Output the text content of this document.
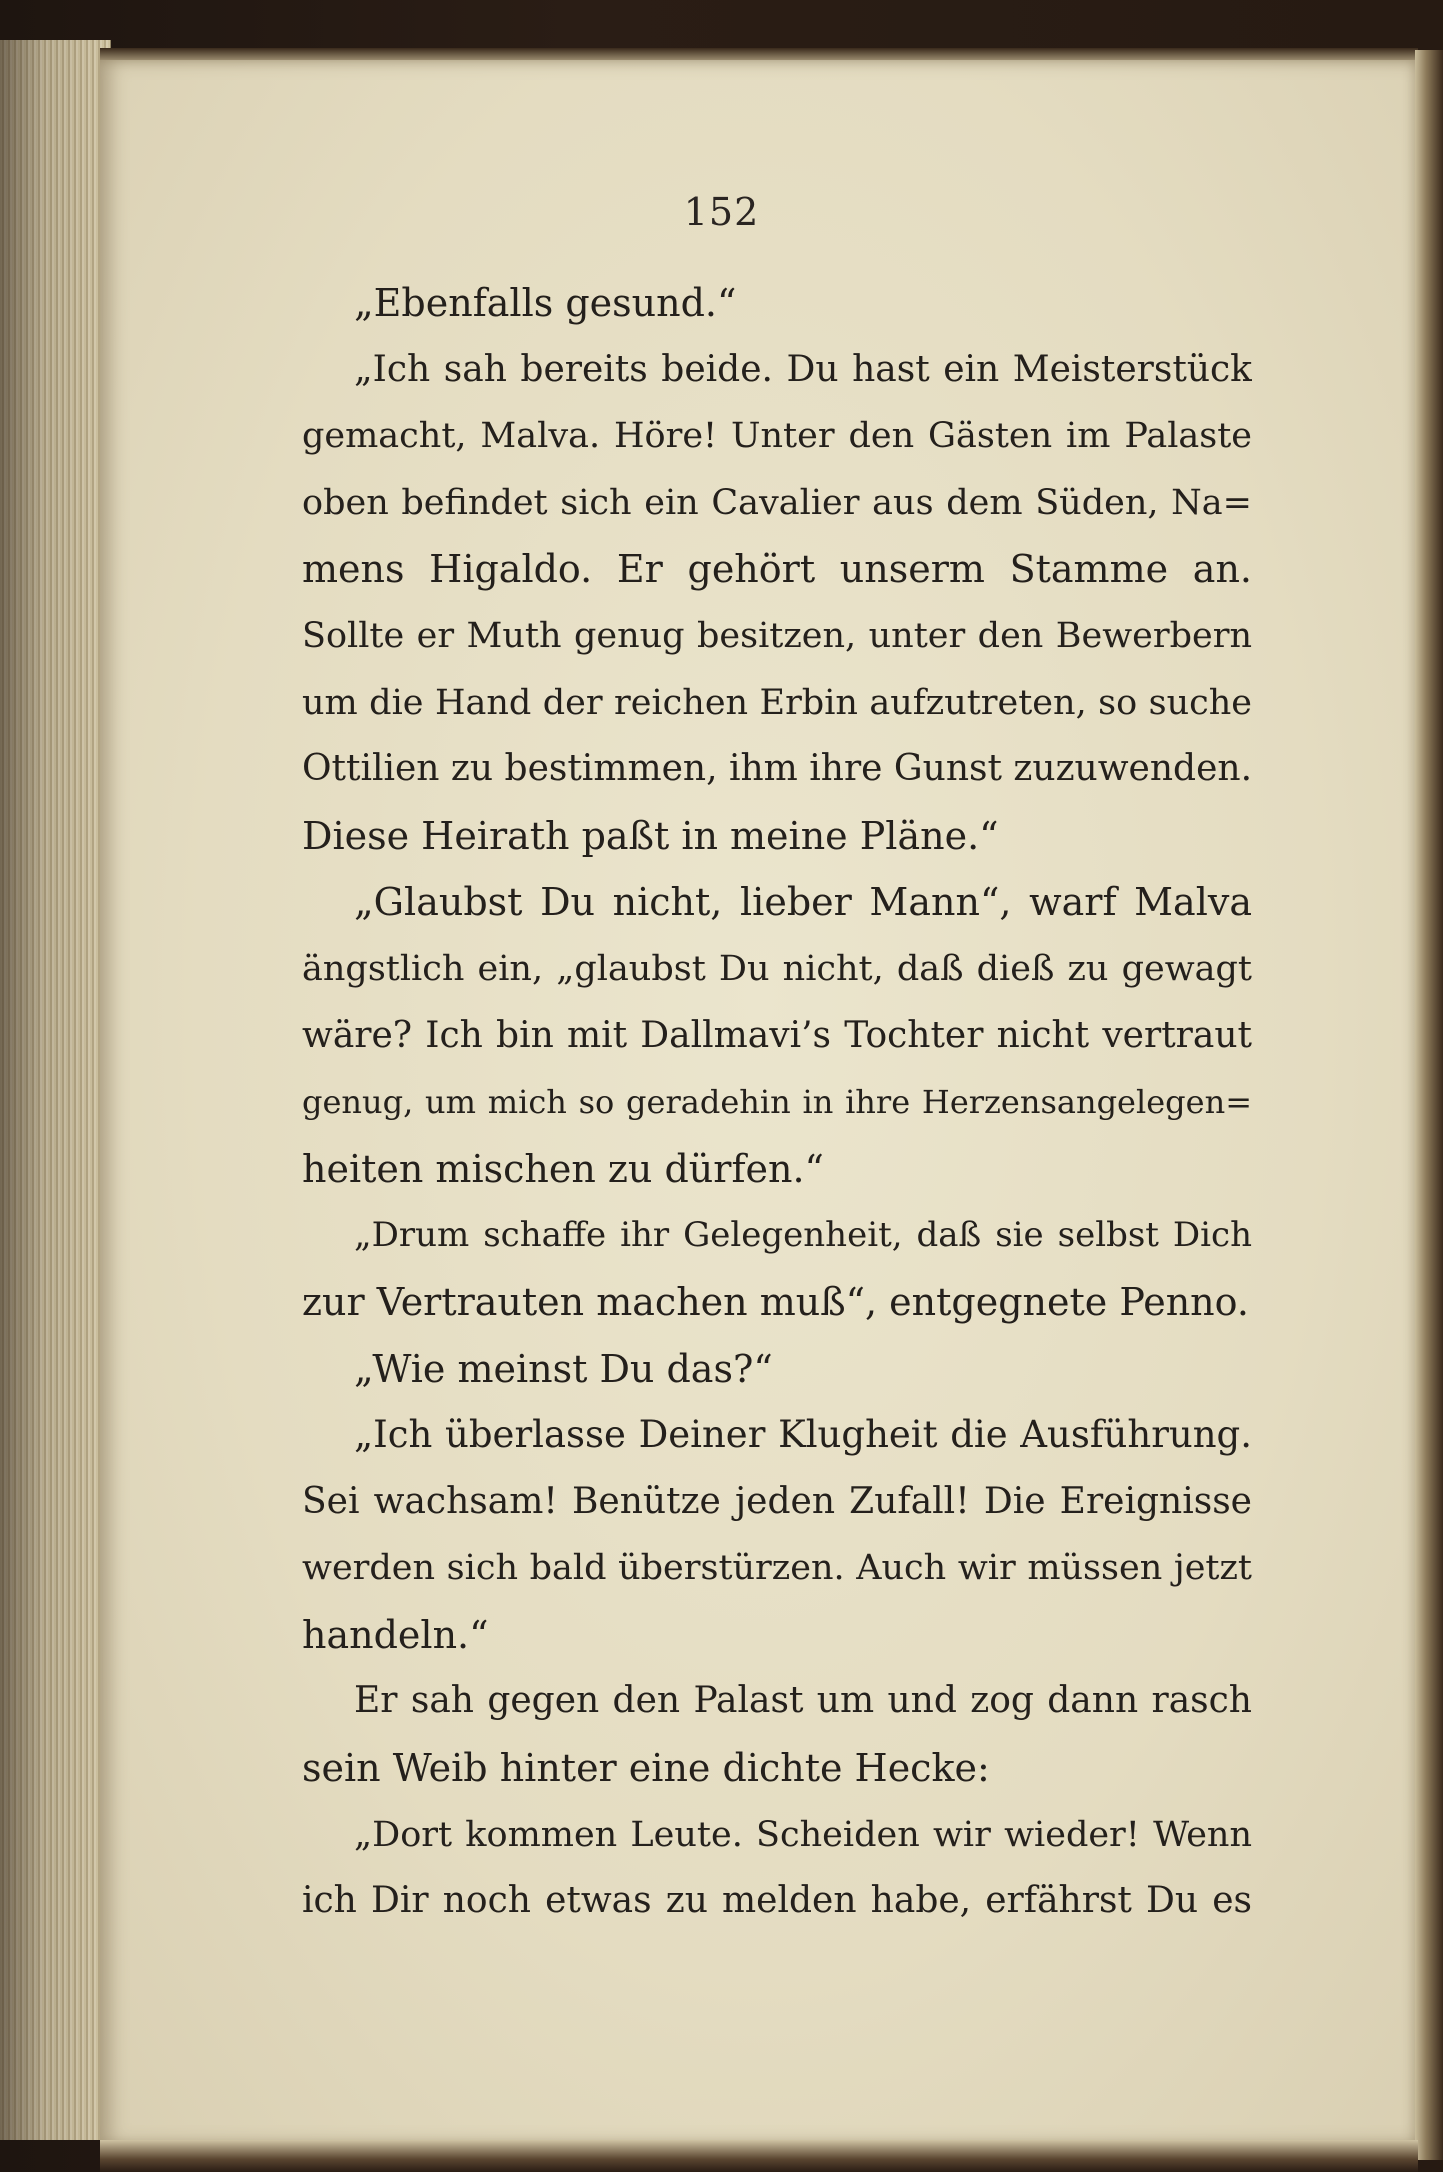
152
„Ebenfalls gesund.“
„Ich sah bereits beide. Du hast ein Meisterstück
gemacht, Malva. Höre! Unter den Gästen im Palaste
oben befindet sich ein Cavalier aus dem Süden, Na=
mens Higaldo. Er gehört unserm Stamme an.
Sollte er Muth genug besitzen, unter den Bewerbern
um die Hand der reichen Erbin aufzutreten, so suche
Ottilien zu bestimmen, ihm ihre Gunst zuzuwenden.
Diese Heirath paßt in meine Pläne.“
„Glaubst Du nicht, lieber Mann“, warf Malva
ängstlich ein, „glaubst Du nicht, daß dieß zu gewagt
wäre? Ich bin mit Dallmavi’s Tochter nicht vertraut
genug, um mich so geradehin in ihre Herzensangelegen=
heiten mischen zu dürfen.“
„Drum schaffe ihr Gelegenheit, daß sie selbst Dich
zur Vertrauten machen muß“, entgegnete Penno.
„Wie meinst Du das?“
„Ich überlasse Deiner Klugheit die Ausführung.
Sei wachsam! Benütze jeden Zufall! Die Ereignisse
werden sich bald überstürzen. Auch wir müssen jetzt
handeln.“
Er sah gegen den Palast um und zog dann rasch
sein Weib hinter eine dichte Hecke:
„Dort kommen Leute. Scheiden wir wieder! Wenn
ich Dir noch etwas zu melden habe, erfährst Du es
